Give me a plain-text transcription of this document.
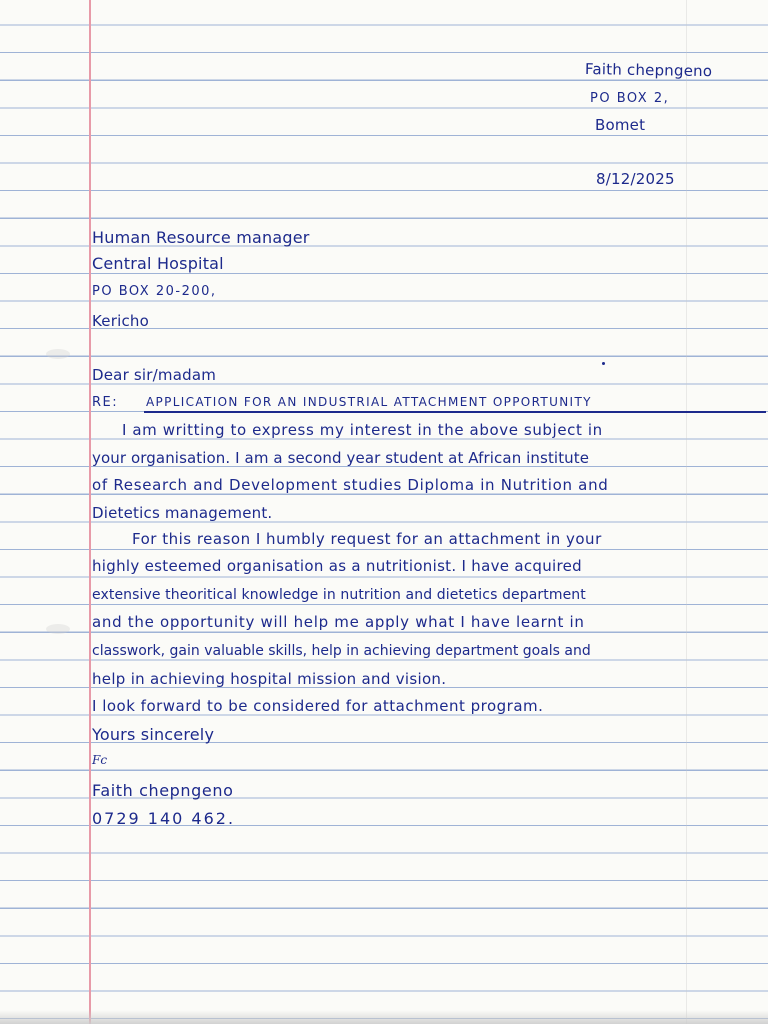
Faith chepngeno
PO BOX 2,
Bomet
8/12/2025
Human Resource manager
Central Hospital
PO BOX 20-200,
Kericho
Dear sir/madam
RE: APPLICATION FOR AN INDUSTRIAL ATTACHMENT OPPORTUNITY
I am writting to express my interest in the above subject in
your organisation. I am a second year student at African institute
of Research and Development studies Diploma in Nutrition and
Dietetics management.
For this reason I humbly request for an attachment in your
highly esteemed organisation as a nutritionist. I have acquired
extensive theoritical knowledge in nutrition and dietetics department
and the opportunity will help me apply what I have learnt in
classwork, gain valuable skills, help in achieving department goals and
help in achieving hospital mission and vision.
I look forward to be considered for attachment program.
Yours sincerely
Fc
Faith chepngeno
0729 140 462.
